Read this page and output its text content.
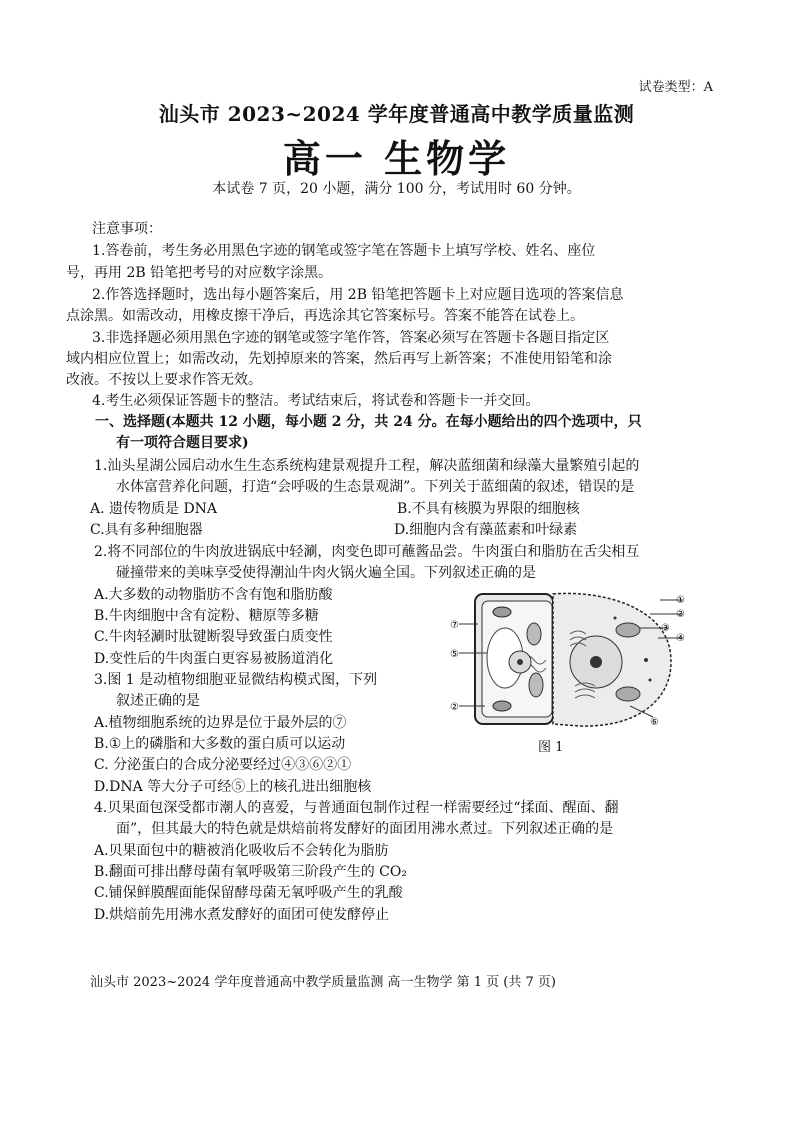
试卷类型：A
汕头市 2023~2024 学年度普通高中教学质量监测
高一 生物学
本试卷 7 页，20 小题，满分 100 分，考试用时 60 分钟。
注意事项：
1.答卷前，考生务必用黑色字迹的钢笔或签字笔在答题卡上填写学校、姓名、座位
号，再用 2B 铅笔把考号的对应数字涂黑。
2.作答选择题时，选出每小题答案后，用 2B 铅笔把答题卡上对应题目选项的答案信息
点涂黑。如需改动，用橡皮擦干净后，再选涂其它答案标号。答案不能答在试卷上。
3.非选择题必须用黑色字迹的钢笔或签字笔作答，答案必须写在答题卡各题目指定区
域内相应位置上；如需改动，先划掉原来的答案，然后再写上新答案；不准使用铅笔和涂
改液。不按以上要求作答无效。
4.考生必须保证答题卡的整洁。考试结束后，将试卷和答题卡一并交回。
一、选择题(本题共 12 小题，每小题 2 分，共 24 分。在每小题给出的四个选项中，只
有一项符合题目要求)
1.汕头星湖公园启动水生生态系统构建景观提升工程，解决蓝细菌和绿藻大量繁殖引起的
水体富营养化问题，打造“会呼吸的生态景观湖”。下列关于蓝细菌的叙述，错误的是
A. 遗传物质是 DNA	B.不具有核膜为界限的细胞核
C.具有多种细胞器	D.细胞内含有藻蓝素和叶绿素
2.将不同部位的牛肉放进锅底中轻涮，肉变色即可蘸酱品尝。牛肉蛋白和脂肪在舌尖相互
碰撞带来的美味享受使得潮汕牛肉火锅火遍全国。下列叙述正确的是
A.大多数的动物脂肪不含有饱和脂肪酸
B.牛肉细胞中含有淀粉、糖原等多糖
C.牛肉轻涮时肽键断裂导致蛋白质变性
D.变性后的牛肉蛋白更容易被肠道消化
3.图 1 是动植物细胞亚显微结构模式图，下列
叙述正确的是
A.植物细胞系统的边界是位于最外层的⑦
B.①上的磷脂和大多数的蛋白质可以运动
C. 分泌蛋白的合成分泌要经过④③⑥②①
D.DNA 等大分子可经⑤上的核孔进出细胞核
①
②
③
④
⑤
⑥
⑦
②
图 1
4.贝果面包深受都市潮人的喜爱，与普通面包制作过程一样需要经过“揉面、醒面、翻
面”，但其最大的特色就是烘焙前将发酵好的面团用沸水煮过。下列叙述正确的是
A.贝果面包中的糖被消化吸收后不会转化为脂肪
B.翻面可排出酵母菌有氧呼吸第三阶段产生的 CO₂
C.铺保鲜膜醒面能保留酵母菌无氧呼吸产生的乳酸
D.烘焙前先用沸水煮发酵好的面团可使发酵停止
汕头市 2023~2024 学年度普通高中教学质量监测 高一生物学 第 1 页 (共 7 页)
